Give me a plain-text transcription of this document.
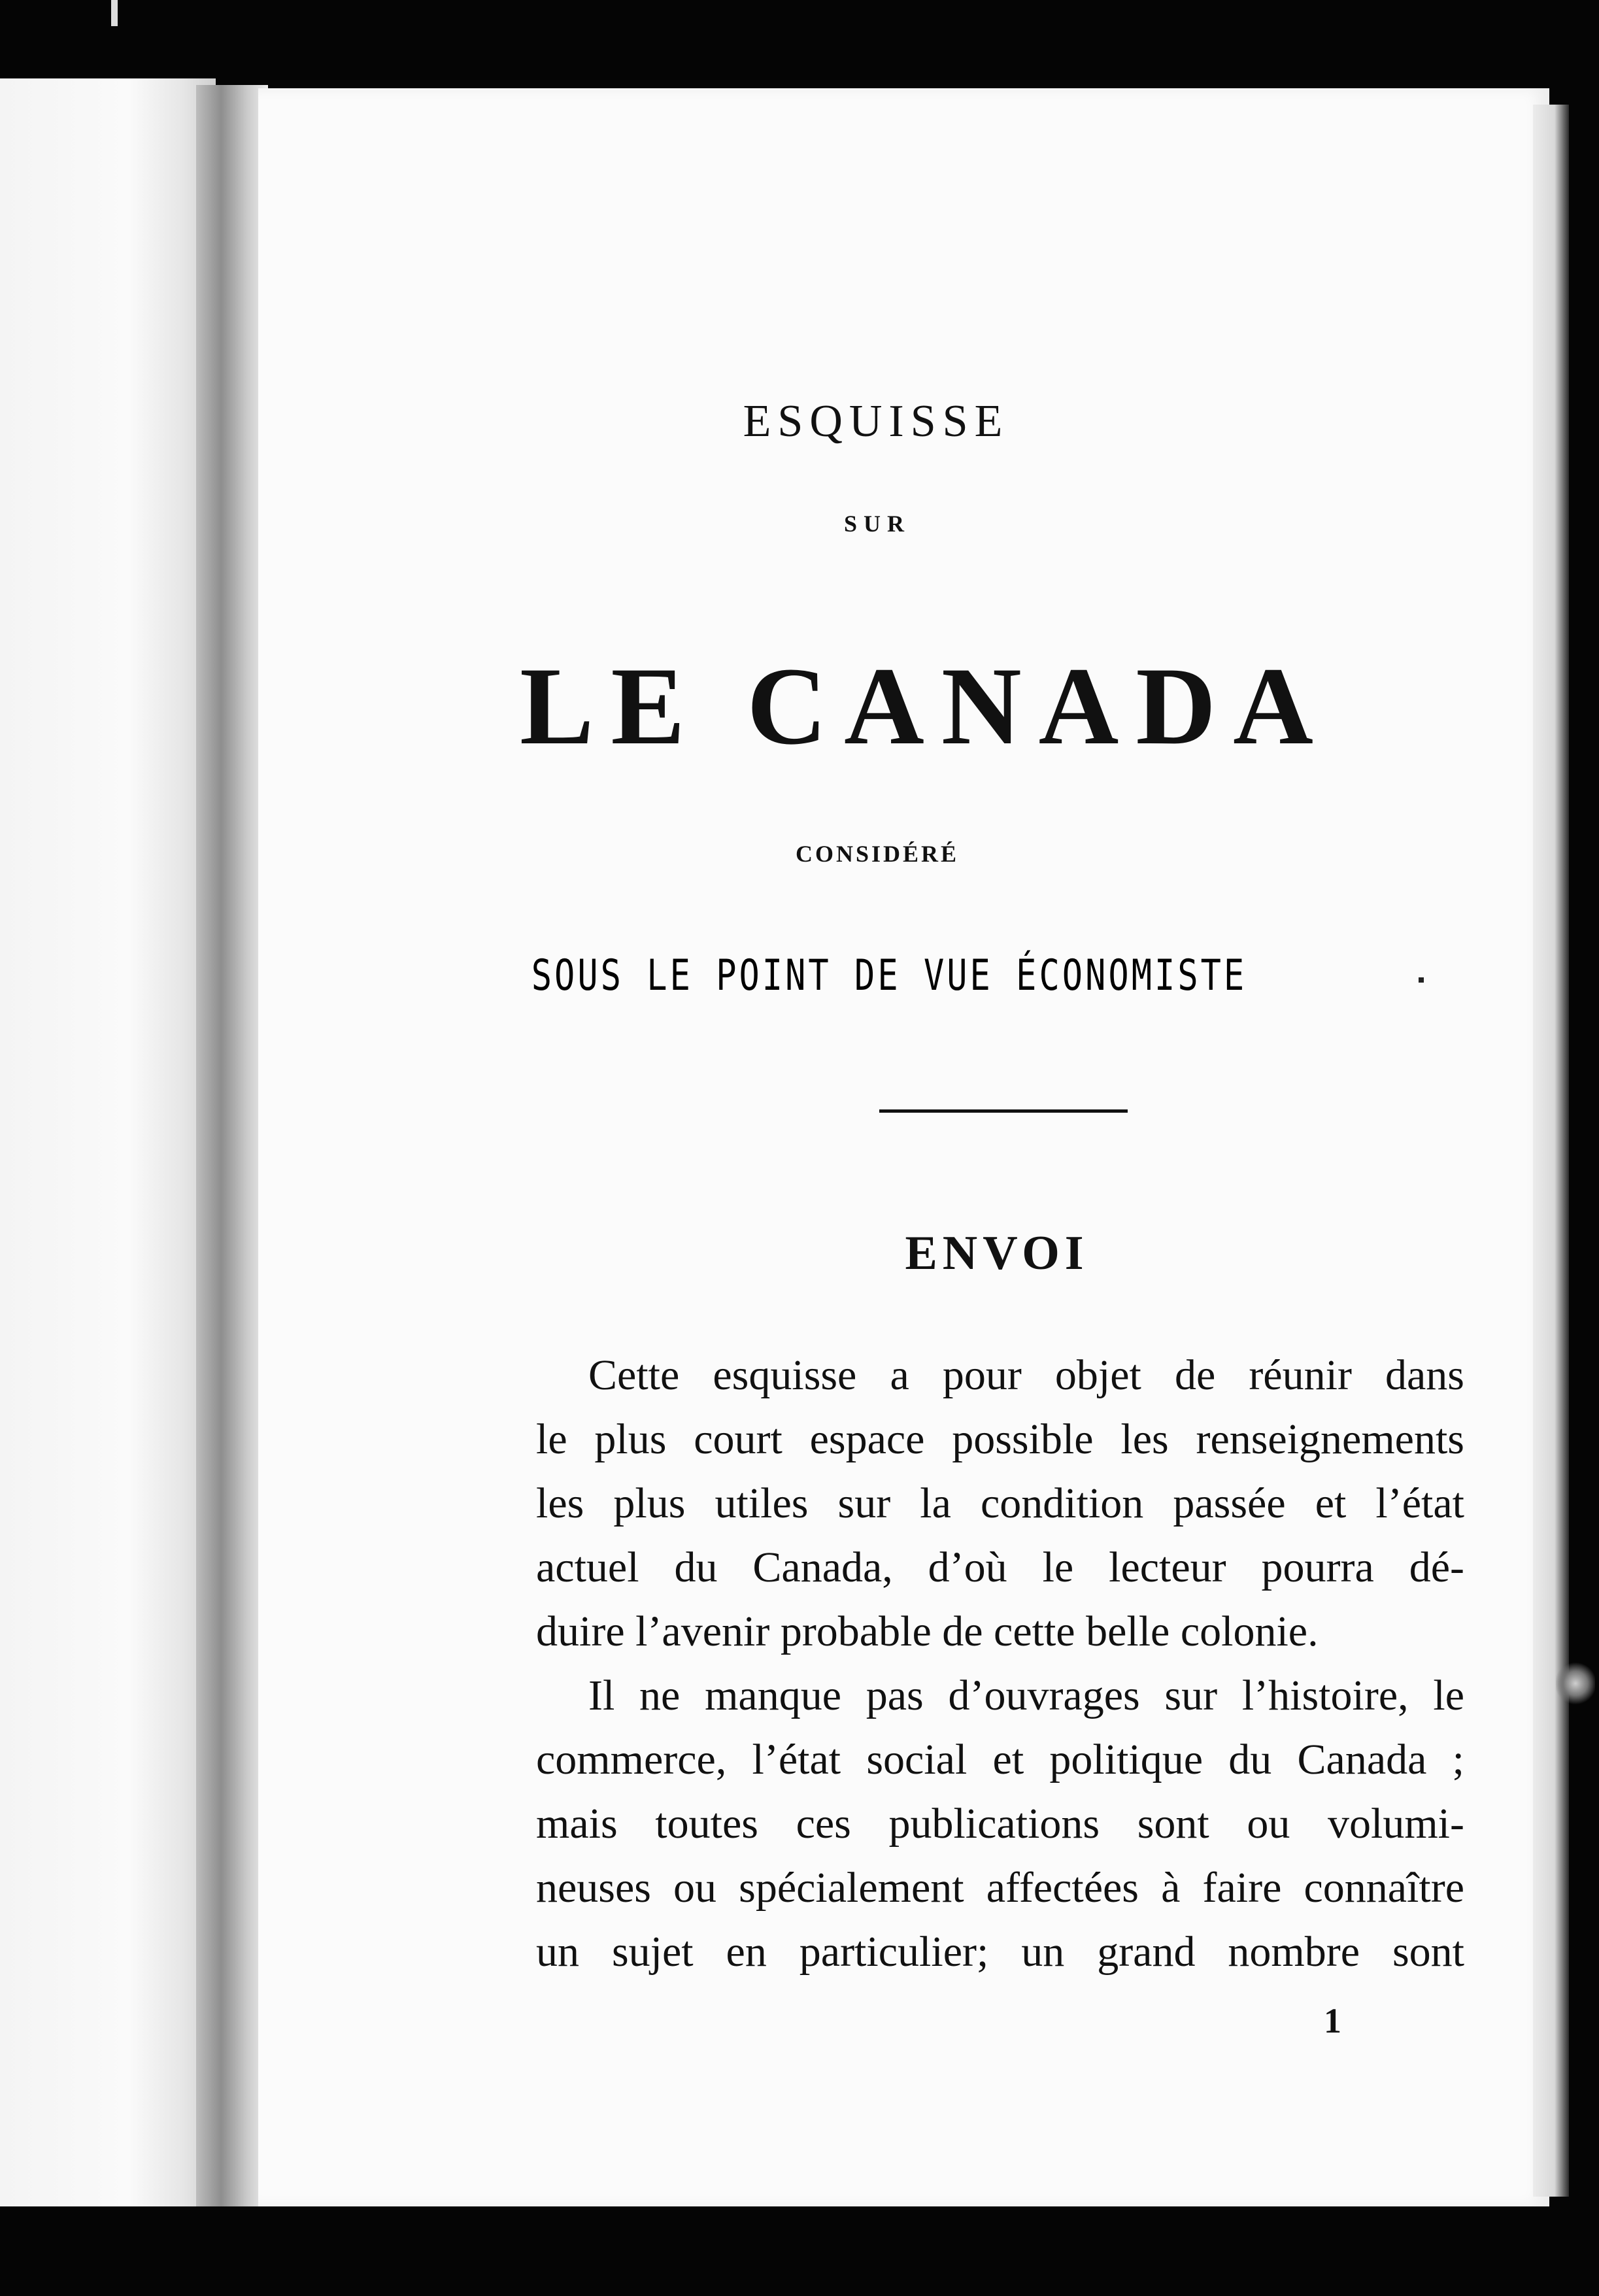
ESQUISSE
SUR
LE CANADA
CONSIDÉRÉ
SOUS LE POINT DE VUE ÉCONOMISTE
ENVOI
Cette esquisse a pour objet de réunir dans
le plus court espace possible les renseignements
les plus utiles sur la condition passée et l’état
actuel du Canada, d’où le lecteur pourra dé-
duire l’avenir probable de cette belle colonie.
Il ne manque pas d’ouvrages sur l’histoire, le
commerce, l’état social et politique du Canada ;
mais toutes ces publications sont ou volumi-
neuses ou spécialement affectées à faire connaître
un sujet en particulier; un grand nombre sont
1
